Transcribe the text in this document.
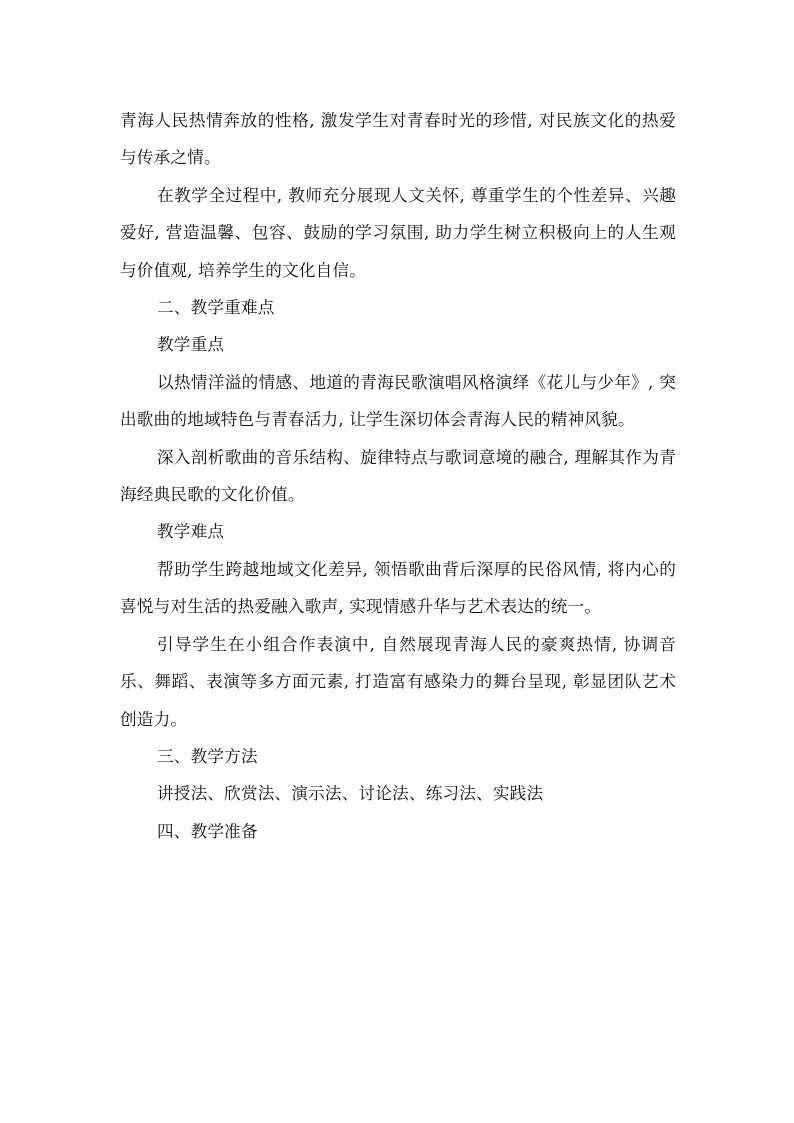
青海人民热情奔放的性格, 激发学生对青春时光的珍惜, 对民族文化的热爱与传承之情。

在教学全过程中, 教师充分展现人文关怀, 尊重学生的个性差异、兴趣爱好, 营造温馨、包容、鼓励的学习氛围, 助力学生树立积极向上的人生观与价值观, 培养学生的文化自信。

二、教学重难点

教学重点

以热情洋溢的情感、地道的青海民歌演唱风格演绎《花儿与少年》, 突出歌曲的地域特色与青春活力, 让学生深切体会青海人民的精神风貌。

深入剖析歌曲的音乐结构、旋律特点与歌词意境的融合, 理解其作为青海经典民歌的文化价值。

教学难点

帮助学生跨越地域文化差异, 领悟歌曲背后深厚的民俗风情, 将内心的喜悦与对生活的热爱融入歌声, 实现情感升华与艺术表达的统一。

引导学生在小组合作表演中, 自然展现青海人民的豪爽热情, 协调音乐、舞蹈、表演等多方面元素, 打造富有感染力的舞台呈现, 彰显团队艺术创造力。

三、教学方法

讲授法、欣赏法、演示法、讨论法、练习法、实践法

四、教学准备
